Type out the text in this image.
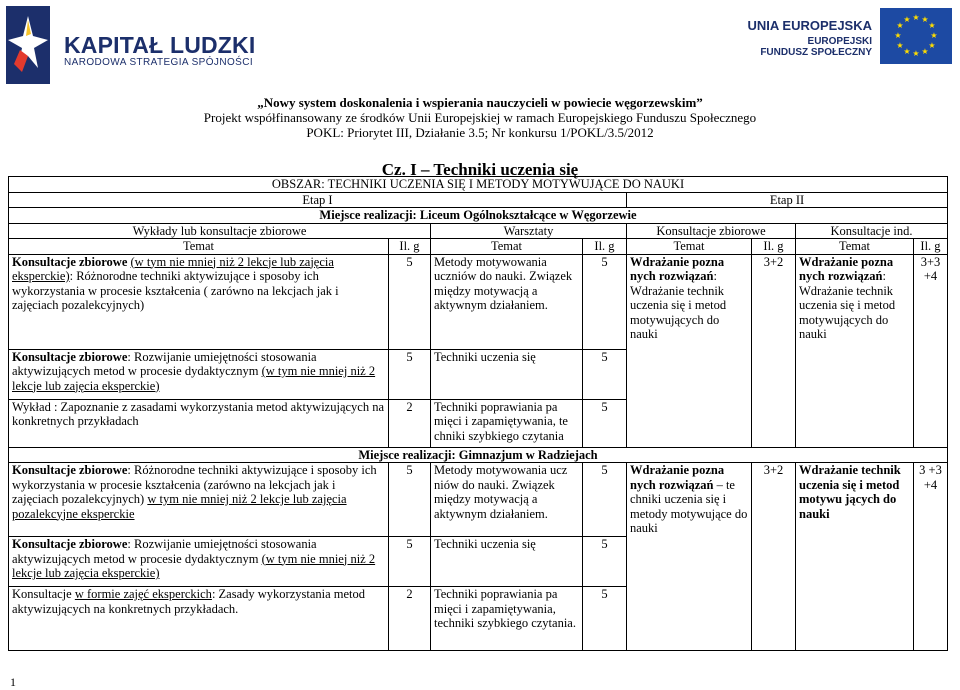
KAPITAŁ LUDZKI
NARODOWA STRATEGIA SPÓJNOŚCI
UNIA EUROPEJSKA
EUROPEJSKI
FUNDUSZ SPOŁECZNY
★ ★
★
★
★
★
★
★
★
★
★
★
„Nowy system doskonalenia i wspierania nauczycieli w powiecie węgorzewskim”
Projekt współfinansowany ze środków Unii Europejskiej w ramach Europejskiego Funduszu Społecznego
POKL: Priorytet III, Działanie 3.5; Nr konkursu 1/POKL/3.5/2012
Cz. I – Techniki uczenia się
OBSZAR: TECHNIKI UCZENIA SIĘ I METODY MOTYWUJĄCE DO NAUKI							
Etap I				Etap II			
Miejsce realizacji: Liceum Ogólnokształcące w Węgorzewie							
Wykłady lub konsultacje zbiorowe		Warsztaty		Konsultacje zbiorowe		Konsultacje ind.	
Temat	Il. g	Temat	Il. g	Temat	Il. g	Temat	Il. g
Konsultacje zbiorowe (w tym nie mniej niż 2 lekcje lub zajęcia eksperckie): Różnorodne techniki aktywizujące i sposoby ich wykorzystania w procesie kształcenia ( zarówno na lekcjach jak i zajęciach pozalekcyjnych)	5	Metody motywowania uczniów do nauki. Związek między motywacją a aktywnym działaniem.	5	Wdrażanie pozna nych rozwiązań: Wdrażanie technik uczenia się i metod motywujących do nauki	3+2	Wdrażanie pozna nych rozwiązań: Wdrażanie technik uczenia się i metod motywujących do nauki	3+3 +4
Konsultacje zbiorowe: Rozwijanie umiejętności stosowania aktywizujących metod w procesie dydaktycznym (w tym nie mniej niż 2 lekcje lub zajęcia eksperckie)	5	Techniki uczenia się	5				
Wykład : Zapoznanie z zasadami wykorzystania metod aktywizujących na konkretnych przykładach	2	Techniki poprawiania pa mięci i zapamiętywania, te chniki szybkiego czytania	5				
Miejsce realizacji: Gimnazjum w Radziejach							
Konsultacje zbiorowe: Różnorodne techniki aktywizujące i sposoby ich wykorzystania w procesie kształcenia (zarówno na lekcjach jak i zajęciach pozalekcyjnych) w tym nie mniej niż 2 lekcje lub zajęcia pozalekcyjne eksperckie	5	Metody motywowania ucz niów do nauki. Związek między motywacją a aktywnym działaniem.	5	Wdrażanie pozna nych rozwiązań – te chniki uczenia się i metody motywujące do nauki	3+2	Wdrażanie technik uczenia się i metod motywu jących do nauki	3 +3 +4
Konsultacje zbiorowe: Rozwijanie umiejętności stosowania aktywizujących metod w procesie dydaktycznym (w tym nie mniej niż 2 lekcje lub zajęcia eksperckie)	5	Techniki uczenia się	5				
Konsultacje w formie zajęć eksperckich: Zasady wykorzystania metod aktywizujących na konkretnych przykładach.	2	Techniki poprawiania pa mięci i zapamiętywania, techniki szybkiego czytania.	5				
1
